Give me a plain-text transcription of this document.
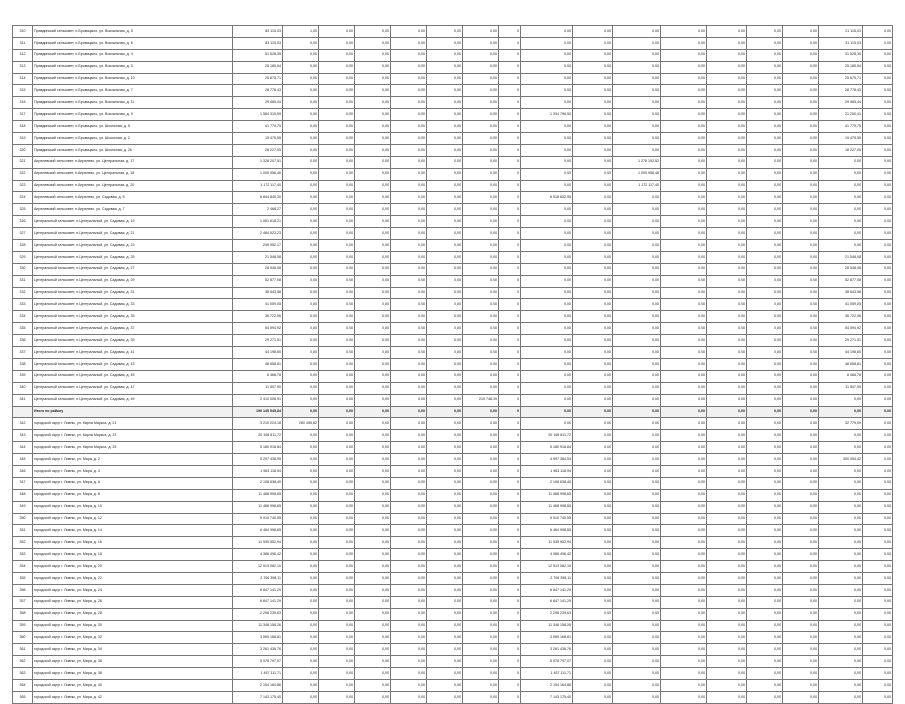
310	Правдинский сельсовет, п.Бровицыно, ул. Вокзальная, д. 5	83 115,03	1,00	0,00	0,00	0,00	0,00	0,00	0	0,00	0,00	0,00	0,00	0,00	0,00	0,00	21 115,03	0,00
311	Правдинский сельсовет, п.Бровицыно, ул. Вокзальная, д. 6	83 115,03	0,00	0,00	0,00	0,00	0,00	0,00	0	0,00	0,00	0,00	0,00	0,00	0,00	0,00	31 115,03	0,00
312	Правдинский сельсовет, п.Бровицыно, ул. Вокзальная, д. 4	51 528,35	0,00	0,00	0,00	0,00	0,00	0,00	0	0,00	0,00	0,00	0,00	0,00	0,00	0,00	31 528,35	0,00
313	Правдинский сельсовет, п.Бровицыно, ул. Вокзальная, д. 3	25 185,54	0,00	0,00	0,00	0,00	0,00	0,00	0	0,00	0,00	0,00	0,00	0,00	0,00	0,00	25 185,54	0,00
314	Правдинский сельсовет, п.Бровицыно, ул. Вокзальная, д. 10	25 675,71	0,00	0,00	0,00	0,00	0,00	0,00	0	0,00	0,00	0,00	0,00	0,00	0,00	0,00	25 675,71	0,00
315	Правдинский сельсовет, п.Бровицыно, ул. Вокзальная, д. 7	28 778,43	0,00	0,00	0,00	0,00	0,00	0,00	0	0,00	0,00	0,00	0,00	0,00	0,00	0,00	28 778,43	0,00
316	Правдинский сельсовет, п.Бровицыно, ул. Вокзальная, д. 11	29 465,44	0,00	0,00	0,00	0,00	0,00	0,00	0	0,00	0,00	0,00	0,00	0,00	0,00	0,00	29 465,44	0,00
317	Правдинский сельсовет, п.Бровицыно, ул. Вокзальная, д. 9	1 584 315,59	0,00	0,00	0,00	0,00	0,00	0,00	0	1 334 796,50	0,00	0,00	0,00	0,00	0,00	0,00	21 200,41	0,00
318	Правдинский сельсовет, п.Бровицыно, ул. Школьная, д. 5	41 779,75	0,00	0,00	0,00	0,00	0,00	0,00	0	0,00	0,00	0,00	0,00	0,00	0,00	0,00	41 779,75	0,00
319	Правдинский сельсовет, п.Бровицыно, ул. Школьная, д. 2	19 475,55	0,00	0,00	0,00	0,00	0,00	0,00	0	0,00	0,00	0,00	0,00	0,00	0,00	0,00	19 475,55	0,00
320	Правдинский сельсовет, п.Бровицыно, ул. Школьная, д. 26	26 227,05	0,00	0,00	0,00	0,00	0,00	0,00	0	0,00	0,00	0,00	0,00	0,00	0,00	0,00	16 227,05	0,00
321	Апрелевский сельсовет, п.Апрелево, ул. Центральная, д. 17	1 328 207,51	0,00	0,00	0,00	0,00	0,00	0,00	0	0,00	0,00	1 278 192,52	0,00	0,00	0,00	0,00	0,00	0,00
322	Апрелевский сельсовет, п.Апрелево, ул. Центральная, д. 18	1 005 956,46	0,00	0,00	0,00	0,00	0,00	0,00	0	0,00	0,00	1 005 956,46	0,00	0,00	0,00	0,00	0,00	0,00
323	Апрелевский сельсовет, п.Апрелево, ул. Центральная, д. 20	1 172 117,40	0,00	0,00	0,00	0,00	0,00	0,00	0	0,00	0,00	1 172 117,40	0,00	0,00	0,00	0,00	0,00	0,00
324	Апрелевский сельсовет, п.Апрелево, ул. Садовая, д. 5	6 844 849,30	0,00	0,00	0,00	0,00	0,00	0,00	0	6 518 652,95	0,00	0,00	0,00	0,00	0,00	0,00	0,00	0,00
325	Апрелевский сельсовет, п.Апрелево, ул. Садовая, д. 7	2 468,27	0,00	0,00	0,00	0,00	0,00	0,00	0	0,00	0,00	0,00	0,00	0,00	0,00	0,00	0,00	0,00
326	Центральный сельсовет, п.Центральный, ул. Садовая, д. 19	1 081 618,21	0,00	0,00	0,00	0,00	0,00	0,00	0	0,00	0,00	0,00	0,00	0,00	0,00	0,00	0,00	0,00
327	Центральный сельсовет, п.Центральный, ул. Садовая, д. 21	2 484 523,23	0,00	0,00	0,00	0,00	0,00	0,00	0	0,00	0,00	0,00	0,00	0,00	0,00	0,00	0,00	0,00
328	Центральный сельсовет, п.Центральный, ул. Садовая, д. 23	249 952,17	0,00	0,00	0,00	0,00	0,00	0,00	0	0,00	0,00	0,00	0,00	0,00	0,00	0,00	0,00	0,00
329	Центральный сельсовет, п.Центральный, ул. Садовая, д. 25	21 548,08	0,00	0,00	0,00	0,00	0,00	0,00	0	0,00	0,00	0,00	0,00	0,00	0,00	0,00	21 548,08	0,00
330	Центральный сельсовет, п.Центральный, ул. Садовая, д. 27	28 548,08	0,00	0,00	0,00	0,00	0,00	0,00	0	0,00	0,00	0,00	0,00	0,00	0,00	0,00	28 548,08	0,00
331	Центральный сельсовет, п.Центральный, ул. Садовая, д. 29	52 877,08	0,00	0,00	0,00	0,00	0,00	0,00	0	0,00	0,00	0,00	0,00	0,00	0,00	0,00	52 877,08	0,00
332	Центральный сельсовет, п.Центральный, ул. Садовая, д. 31	38 643,58	0,00	0,00	0,00	0,00	0,00	0,00	0	0,00	0,00	0,00	0,00	0,00	0,00	0,00	38 643,58	0,00
333	Центральный сельсовет, п.Центральный, ул. Садовая, д. 33	41 059,05	0,00	0,00	0,00	0,00	0,00	0,00	0	0,00	0,00	0,00	0,00	0,00	0,00	0,00	41 059,05	0,00
334	Центральный сельсовет, п.Центральный, ул. Садовая, д. 35	36 722,06	0,00	0,00	0,00	0,00	0,00	0,00	0	0,00	0,00	0,00	0,00	0,00	0,00	0,00	36 722,06	0,00
335	Центральный сельсовет, п.Центральный, ул. Садовая, д. 37	54 594,92	0,00	0,00	0,00	0,00	0,00	0,00	0	0,00	0,00	0,00	0,00	0,00	0,00	0,00	54 594,92	0,00
336	Центральный сельсовет, п.Центральный, ул. Садовая, д. 39	29 271,51	0,00	0,00	0,00	0,00	0,00	0,00	0	0,00	0,00	0,00	0,00	0,00	0,00	0,00	29 271,51	0,00
337	Центральный сельсовет, п.Центральный, ул. Садовая, д. 41	44 198,60	0,00	0,00	0,00	0,00	0,00	0,00	0	0,00	0,00	0,00	0,00	0,00	0,00	0,00	44 198,60	0,00
338	Центральный сельсовет, п.Центральный, ул. Садовая, д. 43	48 658,81	0,00	0,00	0,00	0,00	0,00	0,00	0	0,00	0,00	0,00	0,00	0,00	0,00	0,00	48 658,81	0,00
339	Центральный сельсовет, п.Центральный, ул. Садовая, д. 45	8 466,78	0,00	0,00	0,00	0,00	0,00	0,00	0	0,00	0,00	0,00	0,00	0,00	0,00	0,00	8 466,78	0,00
340	Центральный сельсовет, п.Центральный, ул. Садовая, д. 47	11 507,90	0,00	0,00	0,00	0,00	0,00	0,00	0	0,00	0,00	0,00	0,00	0,00	0,00	0,00	11 507,90	0,00
341	Центральный сельсовет, п.Центральный, ул. Садовая, д. 49	2 410 008,91	0,00	0,00	0,00	0,00	0,00	210 748,39	0	0,00	0,00	0,00	0,00	0,00	0,00	0,00	0,00	0,00
	Итого по району	190 145 545,84	0,00	0,00	0,00	0,00	0,00	0,00	0	0,00	0,00	0,00	0,00	0,00	0,00	0,00	0,00	0,00
342	городской округ г. Ливны, ул. Карла Маркса, д. 21	3 210 224,18	260 496,82	0,00	0,00	0,00	0,00	0,00	0	0,00	0,00	0,00	0,00	0,00	0,00	0,00	32 779,09	0,00
343	городской округ г. Ливны, ул. Карла Маркса, д. 23	20 108 811,72	0,00	0,00	0,00	0,00	0,00	0,00	0	20 108 811,72	0,00	0,00	0,00	0,00	0,00	0,00	0,00	0,00
344	городской округ г. Ливны, ул. Карла Маркса, д. 25	5 180 918,84	0,00	0,00	0,00	0,00	0,00	0,00	0	5 180 918,84	0,00	0,00	0,00	0,00	0,00	0,00	0,00	0,00
345	городской округ г. Ливны, ул. Мира, д. 2	5 297 438,95	0,00	0,00	0,00	0,00	0,00	0,00	0	4 997 384,53	0,00	0,00	0,00	0,00	0,00	0,00	300 054,42	0,00
346	городской округ г. Ливны, ул. Мира, д. 4	1 963 118,94	0,00	0,00	0,00	0,00	0,00	0,00	0	1 963 118,94	0,00	0,00	0,00	0,00	0,00	0,00	0,00	0,00
347	городской округ г. Ливны, ул. Мира, д. 6	2 108 638,40	0,00	0,00	0,00	0,00	0,00	0,00	0	2 108 638,40	0,00	0,00	0,00	0,00	0,00	0,00	0,00	0,00
348	городской округ г. Ливны, ул. Мира, д. 8	11 468 998,65	0,00	0,00	0,00	0,00	0,00	0,00	0	11 468 998,65	0,00	0,00	0,00	0,00	0,00	0,00	0,00	0,00
349	городской округ г. Ливны, ул. Мира, д. 10	11 468 998,65	0,00	0,00	0,00	0,00	0,00	0,00	0	11 468 998,65	0,00	0,00	0,00	0,00	0,00	0,00	0,00	0,00
350	городской округ г. Ливны, ул. Мира, д. 12	5 910 740,55	0,00	0,00	0,00	0,00	0,00	0,00	0	5 910 740,55	0,00	0,00	0,00	0,00	0,00	0,00	0,00	0,00
351	городской округ г. Ливны, ул. Мира, д. 14	6 464 998,65	0,00	0,00	0,00	0,00	0,00	0,00	0	6 464 998,65	0,00	0,00	0,00	0,00	0,00	0,00	0,00	0,00
352	городской округ г. Ливны, ул. Мира, д. 16	11 535 552,94	0,00	0,00	0,00	0,00	0,00	0,00	0	11 535 552,94	0,00	0,00	0,00	0,00	0,00	0,00	0,00	0,00
353	городской округ г. Ливны, ул. Мира, д. 18	4 386 496,42	0,00	0,00	0,00	0,00	0,00	0,00	0	4 386 496,42	0,00	0,00	0,00	0,00	0,00	0,00	0,00	0,00
354	городской округ г. Ливны, ул. Мира, д. 20	12 513 082,10	0,00	0,00	0,00	0,00	0,00	0,00	0	12 513 082,10	0,00	0,00	0,00	0,00	0,00	0,00	0,00	0,00
355	городской округ г. Ливны, ул. Мира, д. 22	2 706 398,11	0,00	0,00	0,00	0,00	0,00	0,00	0	2 706 398,11	0,00	0,00	0,00	0,00	0,00	0,00	0,00	0,00
356	городской округ г. Ливны, ул. Мира, д. 24	6 847 141,29	0,00	0,00	0,00	0,00	0,00	0,00	0	6 847 141,29	0,00	0,00	0,00	0,00	0,00	0,00	0,00	0,00
357	городской округ г. Ливны, ул. Мира, д. 26	6 847 141,29	0,00	0,00	0,00	0,00	0,00	0,00	0	6 847 141,29	0,00	0,00	0,00	0,00	0,00	0,00	0,00	0,00
358	городской округ г. Ливны, ул. Мира, д. 28	2 298 239,63	0,00	0,00	0,00	0,00	0,00	0,00	0	2 298 239,63	0,00	0,00	0,00	0,00	0,00	0,00	0,00	0,00
359	городской округ г. Ливны, ул. Мира, д. 30	11 348 158,26	0,00	0,00	0,00	0,00	0,00	0,00	0	11 348 158,26	0,00	0,00	0,00	0,00	0,00	0,00	0,00	0,00
360	городской округ г. Ливны, ул. Мира, д. 32	3 069 168,81	0,00	0,00	0,00	0,00	0,00	0,00	0	3 069 168,81	0,00	0,00	0,00	0,00	0,00	0,00	0,00	0,00
361	городской округ г. Ливны, ул. Мира, д. 34	3 261 436,76	0,00	0,00	0,00	0,00	0,00	0,00	0	3 261 436,76	0,00	0,00	0,00	0,00	0,00	0,00	0,00	0,00
362	городской округ г. Ливны, ул. Мира, д. 36	5 978 797,07	0,00	0,00	0,00	0,00	0,00	0,00	0	5 978 797,07	0,00	0,00	0,00	0,00	0,00	0,00	0,00	0,00
363	городской округ г. Ливны, ул. Мира, д. 38	1 457 111,71	0,00	0,00	0,00	0,00	0,00	0,00	0	1 457 111,71	0,00	0,00	0,00	0,00	0,00	0,00	0,00	0,00
364	городской округ г. Ливны, ул. Мира, д. 40	2 154 164,86	0,00	0,00	0,00	0,00	0,00	0,00	0	2 154 164,86	0,00	0,00	0,00	0,00	0,00	0,00	0,00	0,00
365	городской округ г. Ливны, ул. Мира, д. 42	7 143 175,40	0,00	0,00	0,00	0,00	0,00	0,00	0	7 143 175,40	0,00	0,00	0,00	0,00	0,00	0,00	0,00	0,00
